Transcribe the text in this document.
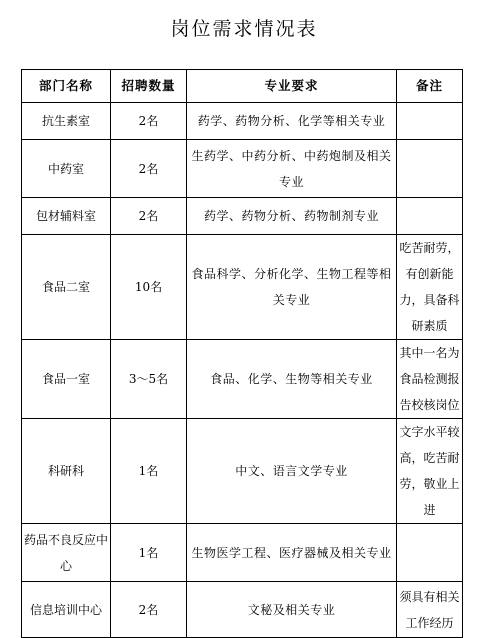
岗位需求情况表
部门名称	招聘数量	专业要求	备注
抗生素室	2名	药学、药物分析、化学等相关专业	
中药室	2名	生药学、中药分析、中药炮制及相关专业	
包材辅料室	2名	药学、药物分析、药物制剂专业	
食品二室	10名	食品科学、分析化学、生物工程等相关专业	吃苦耐劳，有创新能力，具备科研素质
食品一室	3～5名	食品、化学、生物等相关专业	其中一名为食品检测报告校核岗位
科研科	1名	中文、语言文学专业	文字水平较高，吃苦耐劳，敬业上进
药品不良反应中心	1名	生物医学工程、医疗器械及相关专业	
信息培训中心	2名	文秘及相关专业	须具有相关工作经历
